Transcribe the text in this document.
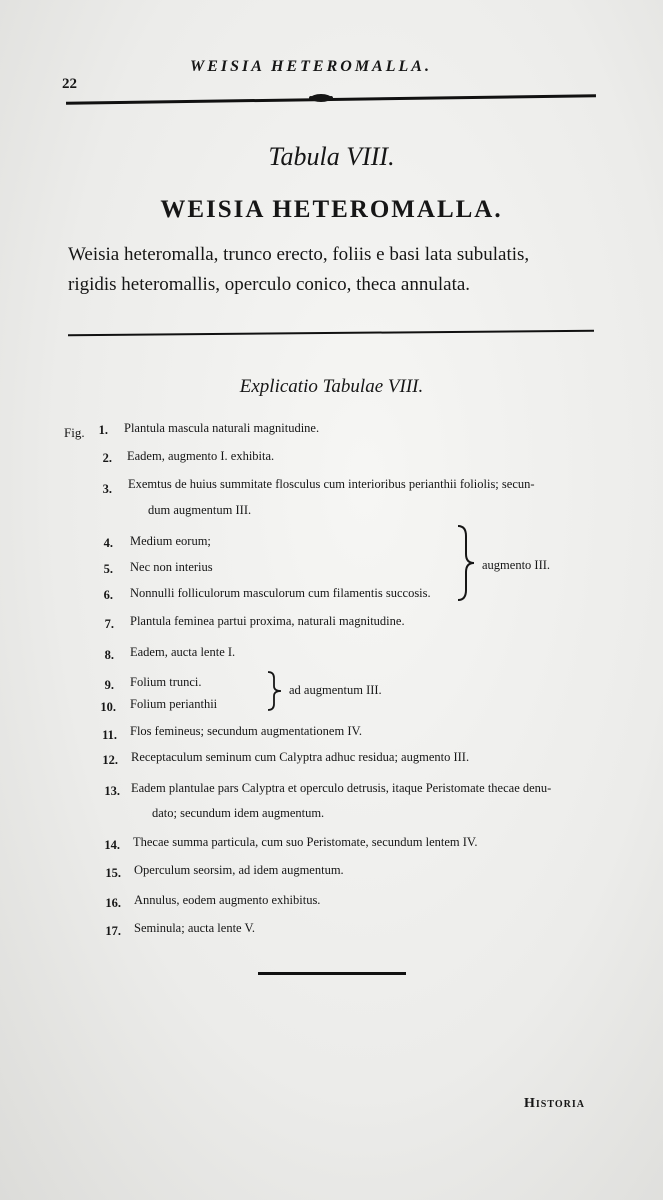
22
WEISIA HETEROMALLA.
Tabula VIII.
WEISIA HETEROMALLA.
Weisia heteromalla, trunco erecto, foliis e basi lata subulatis,
rigidis heteromallis, operculo conico, theca annulata.
Explicatio Tabulae VIII.
Fig.	1. Plantula mascula naturali magnitudine.
2. Eadem, augmento I. exhibita.
3. Exemtus de huius summitate flosculus cum interioribus perianthii foliolis; secun-
dum augmentum III.
4. Medium eorum;
5. Nec non interius
6. Nonnulli folliculorum masculorum cum filamentis succosis.
7. Plantula feminea partui proxima, naturali magnitudine.
8. Eadem, aucta lente I.
9. Folium trunci.
10. Folium perianthii
11. Flos femineus; secundum augmentationem IV.
12. Receptaculum seminum cum Calyptra adhuc residua; augmento III.
13. Eadem plantulae pars Calyptra et operculo detrusis, itaque Peristomate thecae denu-
dato; secundum idem augmentum.
14. Thecae summa particula, cum suo Peristomate, secundum lentem IV.
15. Operculum seorsim, ad idem augmentum.
16. Annulus, eodem augmento exhibitus.
17. Seminula; aucta lente V.
augmento III.
ad augmentum III.
Historia
